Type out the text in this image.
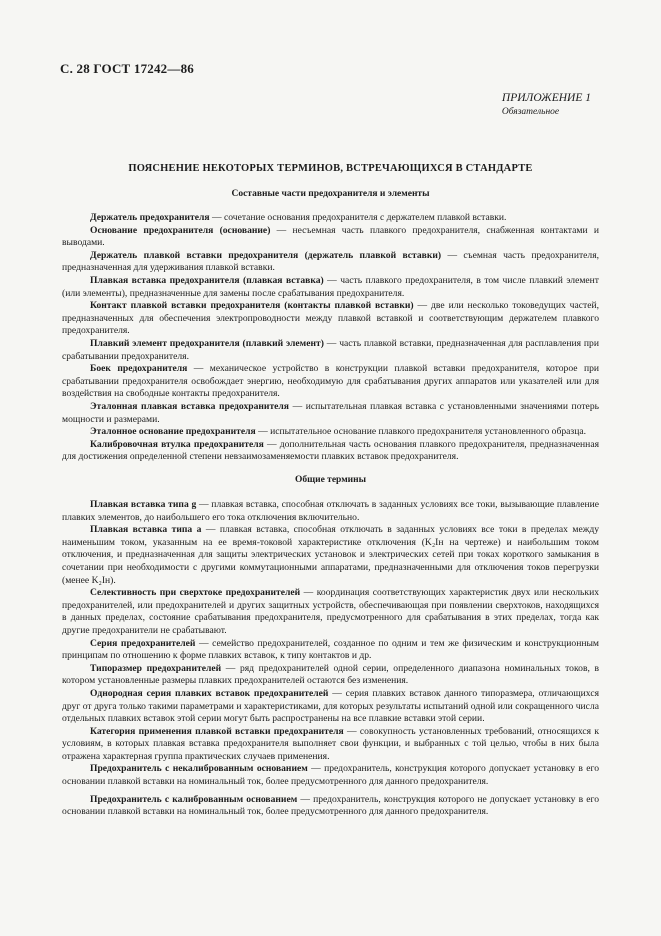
С. 28 ГОСТ 17242—86
ПРИЛОЖЕНИЕ 1
Обязательное
ПОЯСНЕНИЕ НЕКОТОРЫХ ТЕРМИНОВ, ВСТРЕЧАЮЩИХСЯ В СТАНДАРТЕ
Составные части предохранителя и элементы

Держатель предохранителя — сочетание основания предохранителя с держателем плавкой вставки.

Основание предохранителя (основание) — несъемная часть плавкого предохранителя, снабженная контактами и выводами.

Держатель плавкой вставки предохранителя (держатель плавкой вставки) — съемная часть предохранителя, предназначенная для удерживания плавкой вставки.

Плавкая вставка предохранителя (плавкая вставка) — часть плавкого предохранителя, в том числе плавкий элемент (или элементы), предназначенные для замены после срабатывания предохранителя.

Контакт плавкой вставки предохранителя (контакты плавкой вставки) — две или несколько токоведущих частей, предназначенных для обеспечения электропроводности между плавкой вставкой и соответствующим держателем плавкого предохранителя.

Плавкий элемент предохранителя (плавкий элемент) — часть плавкой вставки, предназначенная для расплавления при срабатывании предохранителя.

Боек предохранителя — механическое устройство в конструкции плавкой вставки предохранителя, которое при срабатывании предохранителя освобождает энергию, необходимую для срабатывания других аппаратов или указателей или для воздействия на свободные контакты предохранителя.

Эталонная плавкая вставка предохранителя — испытательная плавкая вставка с установленными значениями потерь мощности и размерами.

Эталонное основание предохранителя — испытательное основание плавкого предохранителя установленного образца.

Калибровочная втулка предохранителя — дополнительная часть основания плавкого предохранителя, предназначенная для достижения определенной степени невзаимозаменяемости плавких вставок предохранителя.

Общие термины

Плавкая вставка типа g — плавкая вставка, способная отключать в заданных условиях все токи, вызывающие плавление плавких элементов, до наибольшего его тока отключения включительно.

Плавкая вставка типа a — плавкая вставка, способная отключать в заданных условиях все токи в пределах между наименьшим током, указанным на ее время-токовой характеристике отключения (K₂Iн на чертеже) и наибольшим током отключения, и предназначенная для защиты электрических установок и электрических сетей при токах короткого замыкания в сочетании при необходимости с другими коммутационными аппаратами, предназначенными для отключения токов перегрузки (менее K₂Iн).

Селективность при сверхтоке предохранителей — координация соответствующих характеристик двух или нескольких предохранителей, или предохранителей и других защитных устройств, обеспечивающая при появлении сверхтоков, находящихся в данных пределах, состояние срабатывания предохранителя, предусмотренного для срабатывания в этих пределах, тогда как другие предохранители не срабатывают.

Серия предохранителей — семейство предохранителей, созданное по одним и тем же физическим и конструкционным принципам по отношению к форме плавких вставок, к типу контактов и др.

Типоразмер предохранителей — ряд предохранителей одной серии, определенного диапазона номинальных токов, в котором установленные размеры плавких предохранителей остаются без изменения.

Однородная серия плавких вставок предохранителей — серия плавких вставок данного типоразмера, отличающихся друг от друга только такими параметрами и характеристиками, для которых результаты испытаний одной или сокращенного числа отдельных плавких вставок этой серии могут быть распространены на все плавкие вставки этой серии.

Категория применения плавкой вставки предохранителя — совокупность установленных требований, относящихся к условиям, в которых плавкая вставка предохранителя выполняет свои функции, и выбранных с той целью, чтобы в них была отражена характерная группа практических случаев применения.

Предохранитель с некалиброванным основанием — предохранитель, конструкция которого допускает установку в его основании плавкой вставки на номинальный ток, более предусмотренного для данного предохранителя.

Предохранитель с калиброванным основанием — предохранитель, конструкция которого не допускает установку в его основании плавкой вставки на номинальный ток, более предусмотренного для данного предохранителя.
